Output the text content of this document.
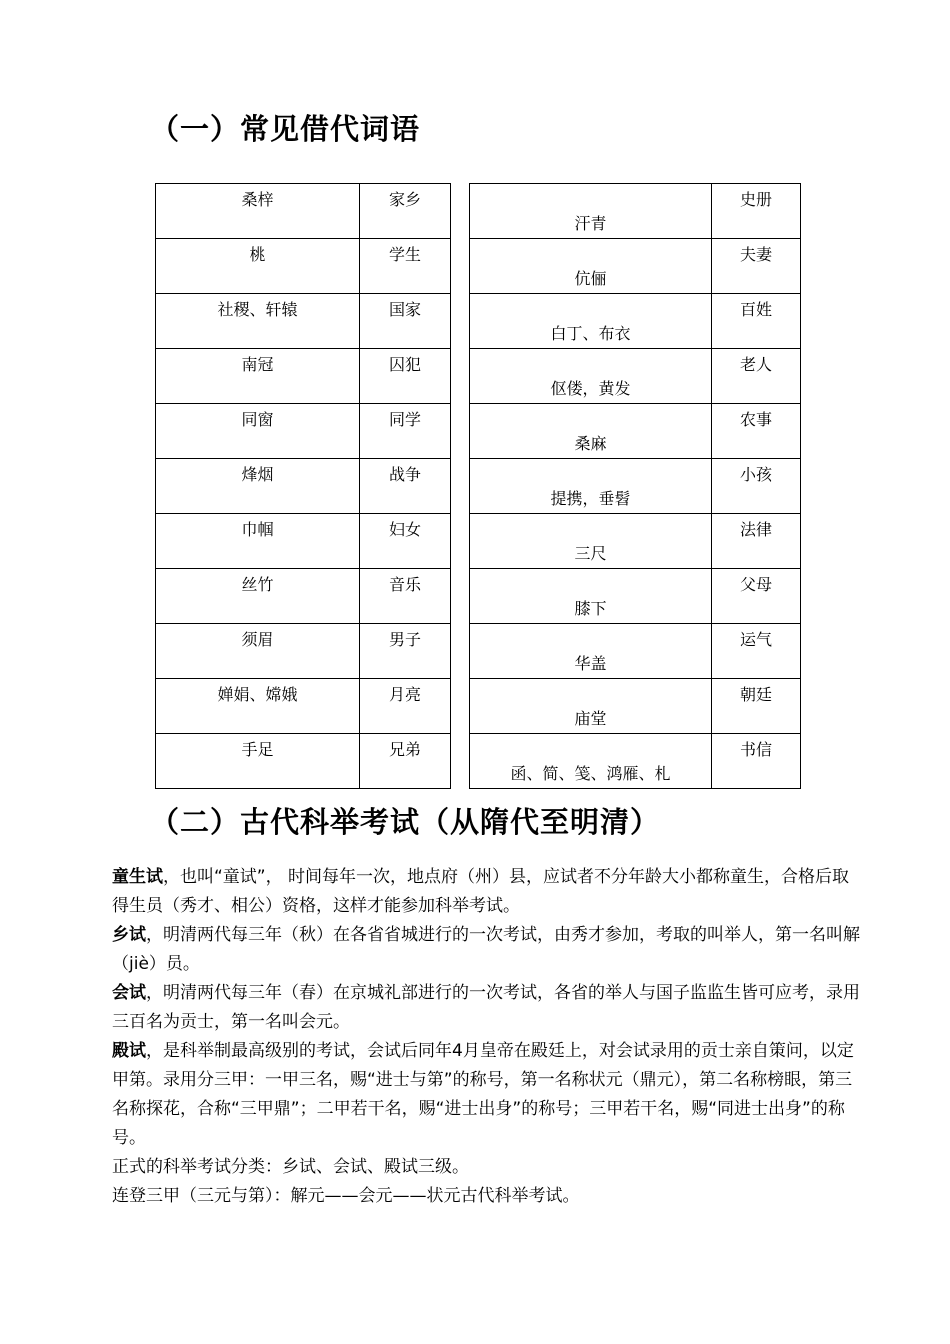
（一）常见借代词语
桑梓	家乡		汗青	史册
桃	学生		伉俪	夫妻
社稷、轩辕	国家		白丁、布衣	百姓
南冠	囚犯		伛偻，黄发	老人
同窗	同学		桑麻	农事
烽烟	战争		提携，垂髫	小孩
巾帼	妇女		三尺	法律
丝竹	音乐		膝下	父母
须眉	男子		华盖	运气
婵娟、嫦娥	月亮		庙堂	朝廷
手足	兄弟		函、简、笺、鸿雁、札	书信
（二）古代科举考试（从隋代至明清）

童生试，也叫“童试”， 时间每年一次，地点府（州）县，应试者不分年龄大小都称童生，合格后取得生员（秀才、相公）资格，这样才能参加科举考试。

乡试，明清两代每三年（秋）在各省省城进行的一次考试，由秀才参加，考取的叫举人，第一名叫解（jiè）员。

会试，明清两代每三年（春）在京城礼部进行的一次考试，各省的举人与国子监监生皆可应考，录用三百名为贡士，第一名叫会元。

殿试，是科举制最高级别的考试，会试后同年4月皇帝在殿廷上，对会试录用的贡士亲自策问，以定甲第。录用分三甲：一甲三名，赐“进士与第”的称号，第一名称状元（鼎元），第二名称榜眼，第三名称探花，合称“三甲鼎”；二甲若干名，赐“进士出身”的称号；三甲若干名，赐“同进士出身”的称号。

正式的科举考试分类：乡试、会试、殿试三级。

连登三甲（三元与第）：解元——会元——状元古代科举考试。
